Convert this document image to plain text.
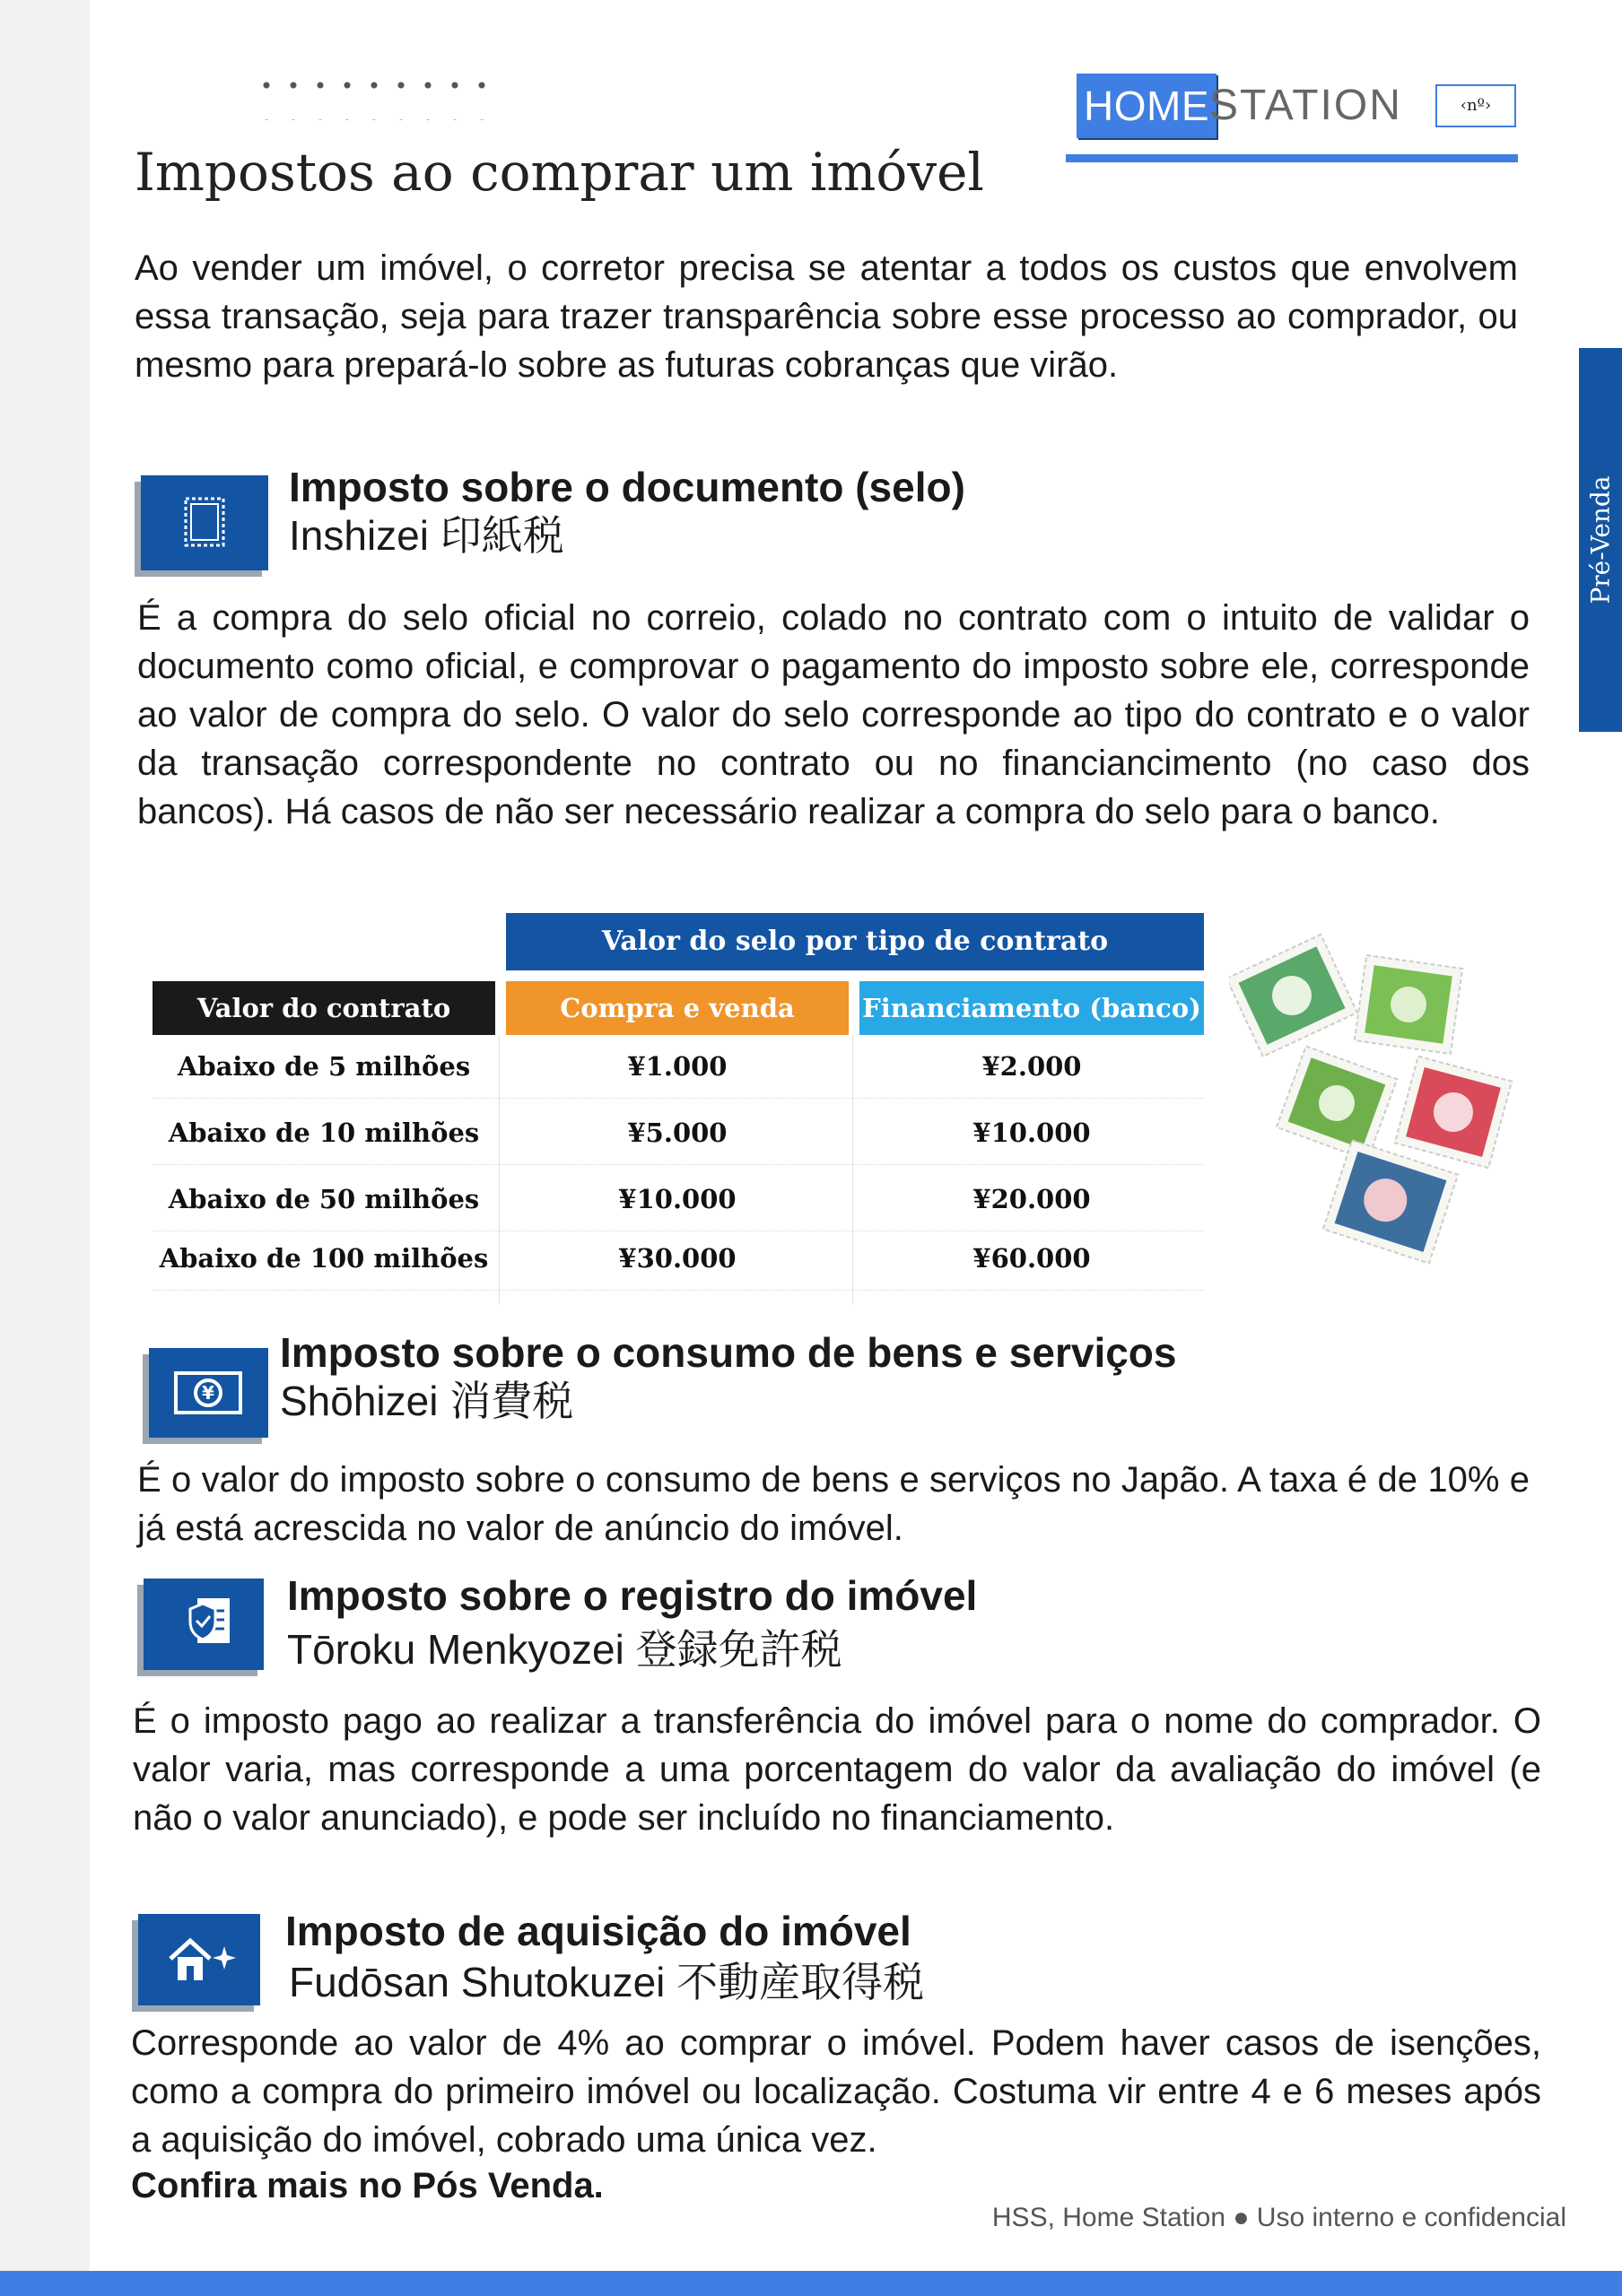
HOME STATION	‹nº›
Pré-Venda
Impostos ao comprar um imóvel

Ao vender um imóvel, o corretor precisa se atentar a todos os custos que envolvem essa transação, seja para trazer transparência sobre esse processo ao comprador, ou mesmo para prepará-lo sobre as futuras cobranças que virão.

Imposto sobre o documento (selo)

Inshizei 印紙税

É a compra do selo oficial no correio, colado no contrato com o intuito de validar o documento como oficial, e comprovar o pagamento do imposto sobre ele, corresponde ao valor de compra do selo. O valor do selo corresponde ao tipo do contrato e o valor da transação correspondente no contrato ou no financiancimento (no caso dos bancos). Há casos de não ser necessário realizar a compra do selo para o banco.

Valor do selo por tipo de contrato
Valor do contrato	Compra e venda	Financiamento (banco)
Abaixo de 5 milhões	¥1.000	¥2.000
Abaixo de 10 milhões	¥5.000	¥10.000
Abaixo de 50 milhões	¥10.000	¥20.000
Abaixo de 100 milhões	¥30.000	¥60.000
¥
Imposto sobre o consumo de bens e serviços

Shōhizei 消費税

É o valor do imposto sobre o consumo de bens e serviços no Japão. A taxa é de 10% e já está acrescida no valor de anúncio do imóvel.

Imposto sobre o registro do imóvel

Tōroku Menkyozei 登録免許税

É o imposto pago ao realizar a transferência do imóvel para o nome do comprador. O valor varia, mas corresponde a uma porcentagem do valor da avaliação do imóvel (e não o valor anunciado), e pode ser incluído no financiamento.

Imposto de aquisição do imóvel

Fudōsan Shutokuzei 不動産取得税

Corresponde ao valor de 4% ao comprar o imóvel. Podem haver casos de isenções, como a compra do primeiro imóvel ou localização. Costuma vir entre 4 e 6 meses após a aquisição do imóvel, cobrado uma única vez.

Confira mais no Pós Venda.

HSS, Home Station ● Uso interno e confidencial
